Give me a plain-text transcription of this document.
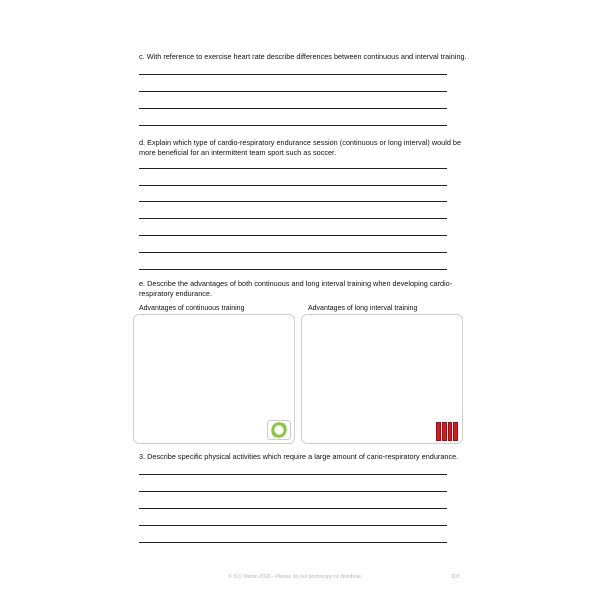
c. With reference to exercise heart rate describe differences between continuous and interval training.
d. Explain which type of cardio-respiratory endurance session (continuous or long interval) would be more beneficial for an intermittent team sport such as soccer.
e. Describe the advantages of both continuous and long interval training when developing cardio-respiratory endurance.
Advantages of continuous training	Advantages of long interval training
3. Describe specific physical activities which require a large amount of cario-respiratory endurance.
© S D Martin 2026 - Please do not photocopy or distribute	103
